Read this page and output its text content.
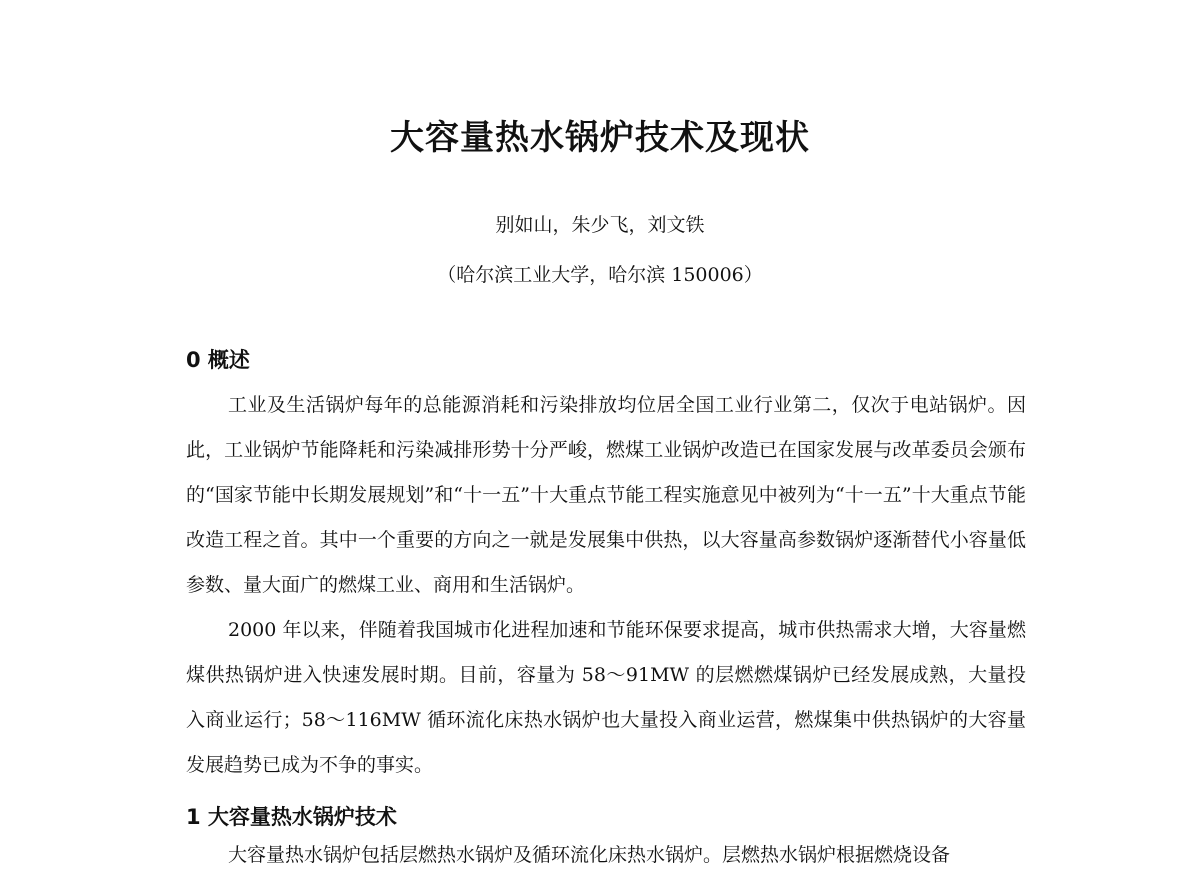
大容量热水锅炉技术及现状
别如山，朱少飞，刘文铁
（哈尔滨工业大学，哈尔滨 150006）
0 概述

工业及生活锅炉每年的总能源消耗和污染排放均位居全国工业行业第二，仅次于电站锅炉。因此，工业锅炉节能降耗和污染减排形势十分严峻，燃煤工业锅炉改造已在国家发展与改革委员会颁布的“国家节能中长期发展规划”和“十一五”十大重点节能工程实施意见中被列为“十一五”十大重点节能改造工程之首。其中一个重要的方向之一就是发展集中供热，以大容量高参数锅炉逐渐替代小容量低参数、量大面广的燃煤工业、商用和生活锅炉。

2000 年以来，伴随着我国城市化进程加速和节能环保要求提高，城市供热需求大增，大容量燃煤供热锅炉进入快速发展时期。目前，容量为 58～91MW 的层燃燃煤锅炉已经发展成熟，大量投入商业运行；58～116MW 循环流化床热水锅炉也大量投入商业运营，燃煤集中供热锅炉的大容量发展趋势已成为不争的事实。

1 大容量热水锅炉技术

大容量热水锅炉包括层燃热水锅炉及循环流化床热水锅炉。层燃热水锅炉根据燃烧设备
